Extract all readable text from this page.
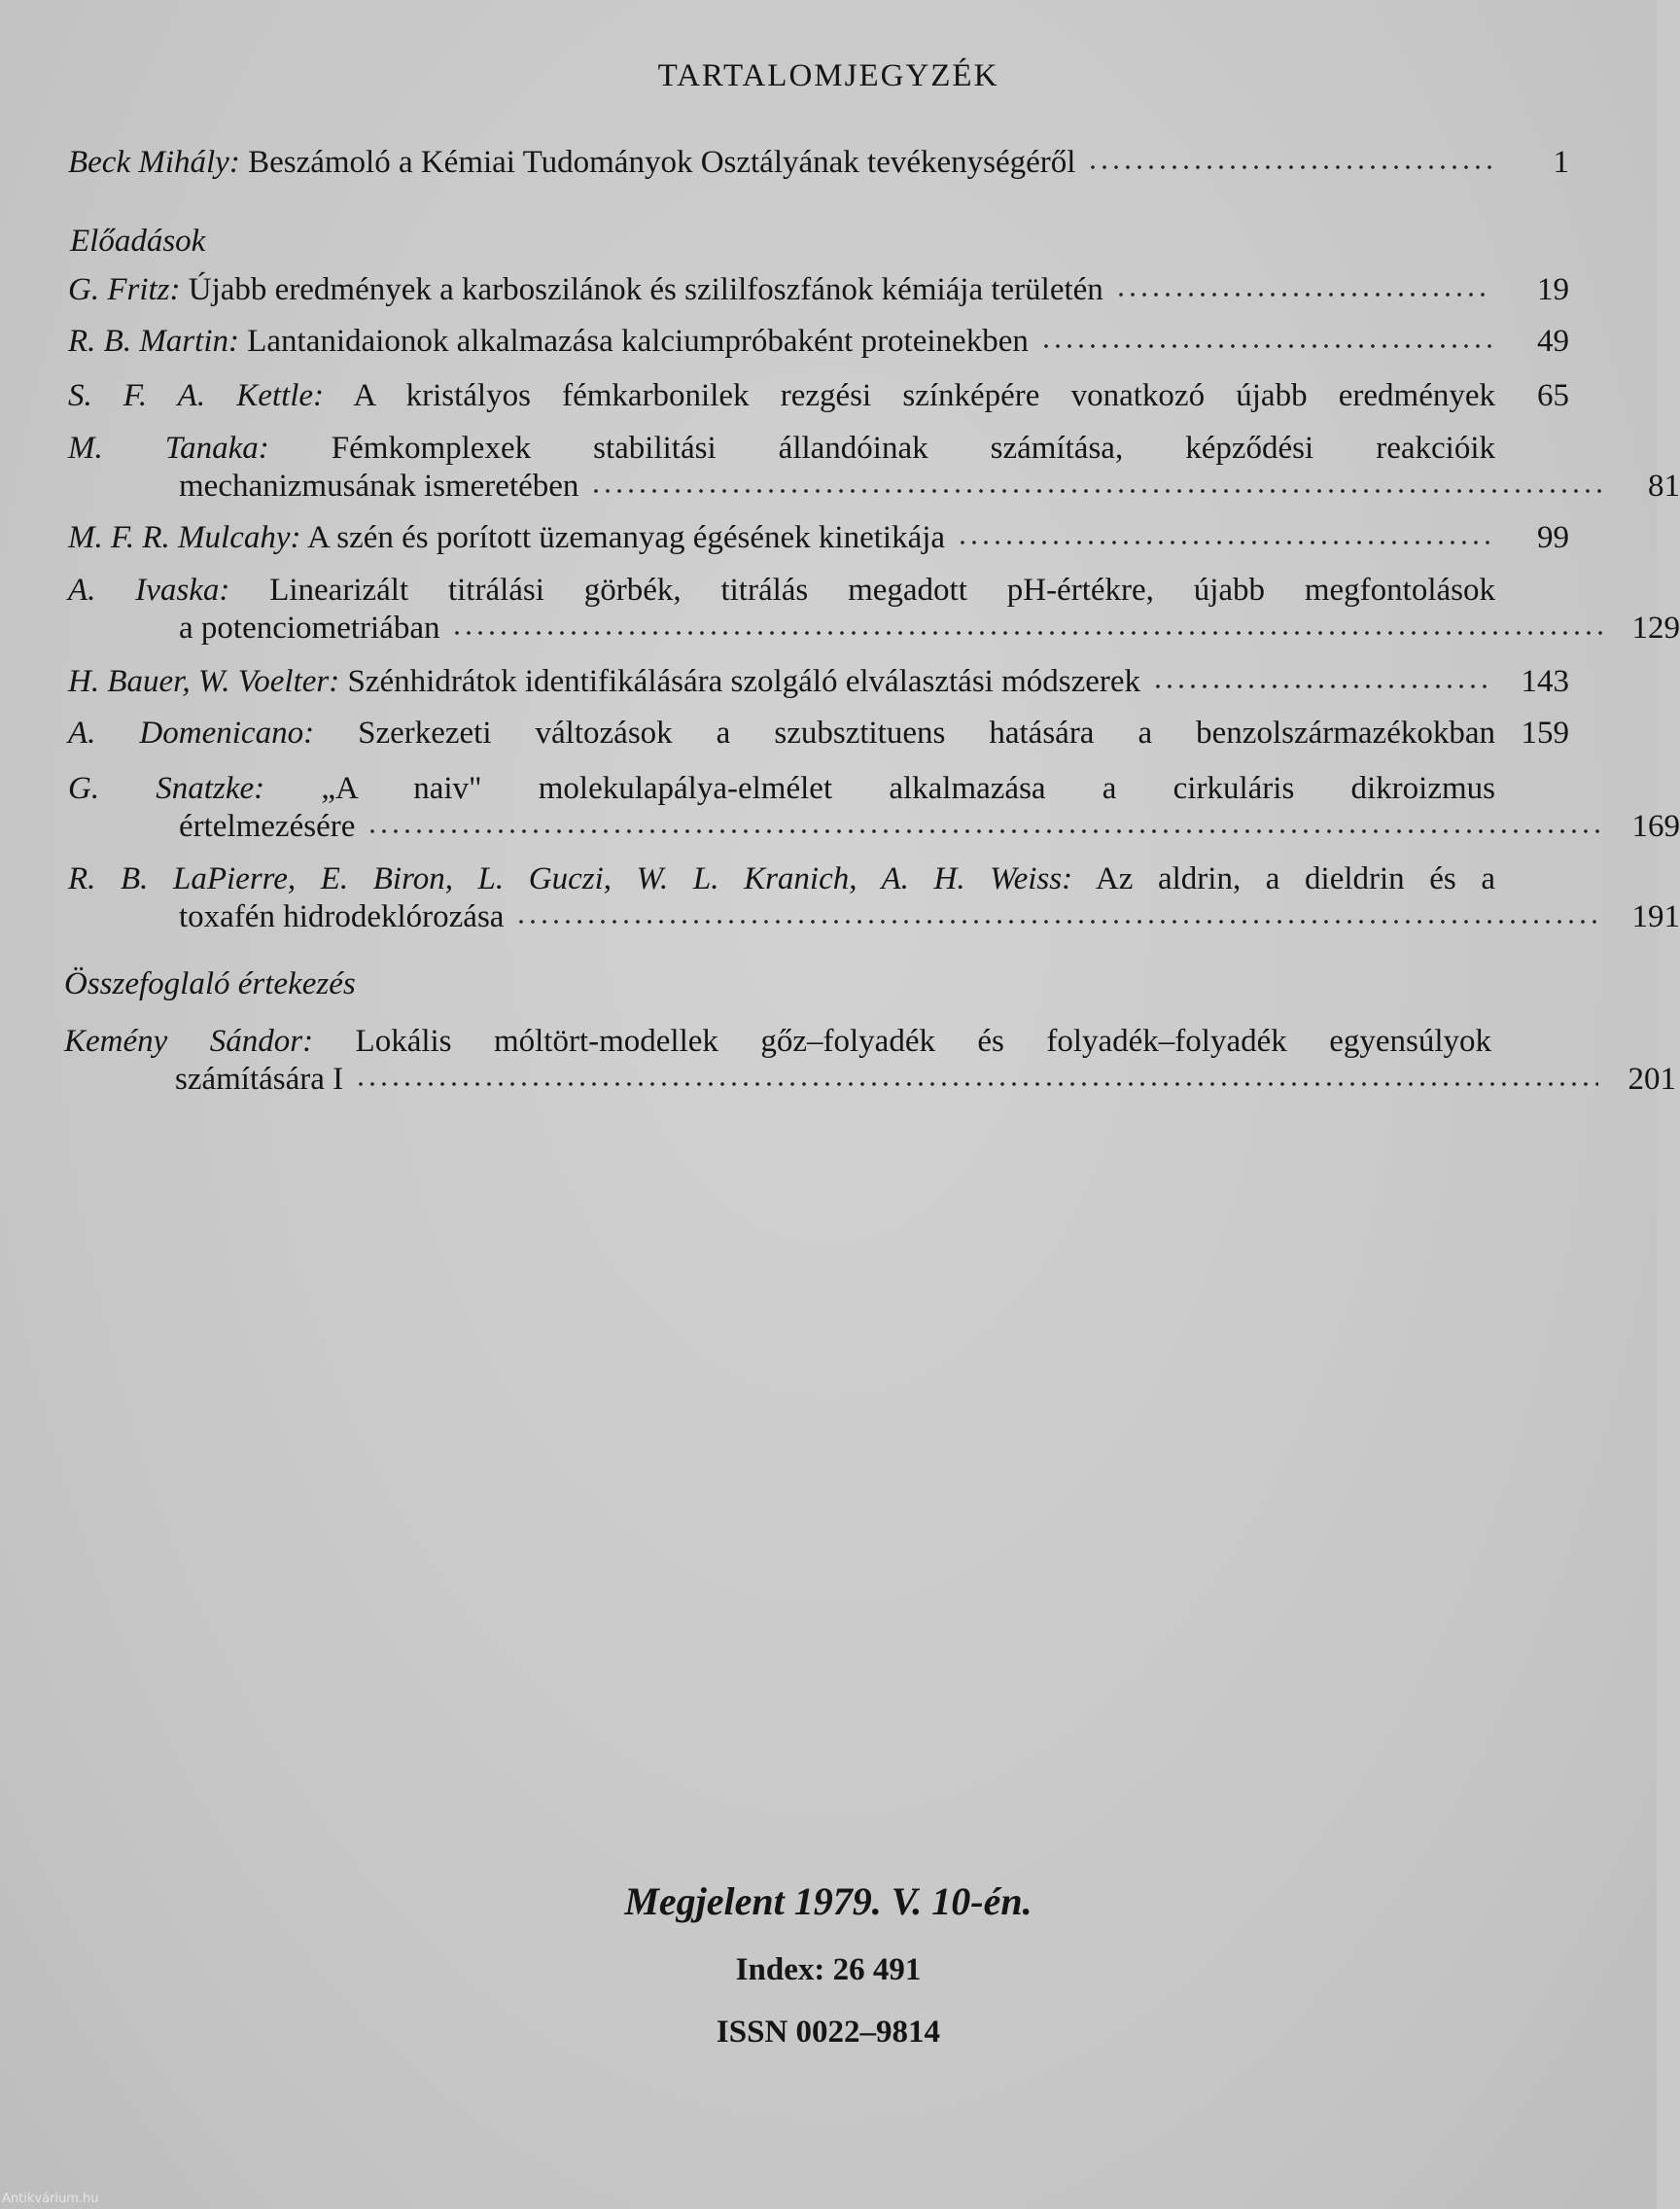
TARTALOMJEGYZÉK
Beck Mihály: Beszámoló a Kémiai Tudományok Osztályának tevékenységéről	1
Előadások
G. Fritz: Újabb eredmények a karboszilánok és szililfoszfánok kémiája területén	19
R. B. Martin: Lantanidaionok alkalmazása kalciumpróbaként proteinekben	49
S. F. A. Kettle: A kristályos fémkarbonilek rezgési színképére vonatkozó újabb eredmények	65
M. Tanaka: Fémkomplexek stabilitási állandóinak számítása, képződési reakcióik
mechanizmusának ismeretében	81
M. F. R. Mulcahy: A szén és porított üzemanyag égésének kinetikája	99
A. Ivaska: Linearizált titrálási görbék, titrálás megadott pH-értékre, újabb megfontolások
a potenciometriában	129
H. Bauer, W. Voelter: Szénhidrátok identifikálására szolgáló elválasztási módszerek	143
A. Domenicano: Szerkezeti változások a szubsztituens hatására a benzolszármazékokban 159
G. Snatzke: „A naiv" molekulapálya-elmélet alkalmazása a cirkuláris dikroizmus
értelmezésére	169
R. B. LaPierre, E. Biron, L. Guczi, W. L. Kranich, A. H. Weiss: Az aldrin, a dieldrin és a
toxafén hidrodeklórozása	191
Összefoglaló értekezés
Kemény Sándor: Lokális móltört-modellek gőz–folyadék és folyadék–folyadék egyensúlyok
számítására I	201
Megjelent 1979. V. 10-én.
Index: 26 491
ISSN 0022–9814
Antikvárium.hu
